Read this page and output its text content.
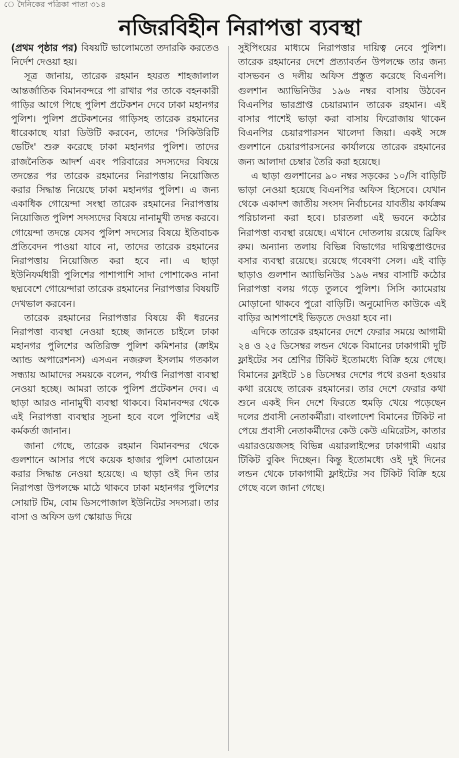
ে দৈনিকের পত্রিকা পাতা ৩১৪
নজিরবিহীন নিরাপত্তা ব্যবস্থা

(প্রথম পৃষ্ঠার পর) বিষয়টি ভালোমতো তদারকি করতেও নির্দেশ দেওয়া হয়।

সূত্র জানায়, তারেক রহমান হযরত শাহজালাল আন্তর্জাতিক বিমানবন্দরে পা রাখার পর তাকে বহনকারী গাড়ির আগে পিছে পুলিশ প্রটেকশন দেবে ঢাকা মহানগর পুলিশ। পুলিশ প্রটেকশনের গাড়িসহ তারেক রহমানের ধারেকাছে যারা ডিউটি করবেন, তাদের 'সিকিউরিটি ভেটিং' শুরু করেছে ঢাকা মহানগর পুলিশ। তাদের রাজনৈতিক আদর্শ এবং পরিবারের সদস্যদের বিষয়ে তদন্তের পর তারেক রহমানের নিরাপত্তায় নিয়োজিত করার সিদ্ধান্ত নিয়েছে ঢাকা মহানগর পুলিশ। এ জন্য একাধিক গোয়েন্দা সংস্থা তারেক রহমানের নিরাপত্তায় নিয়োজিত পুলিশ সদস্যদের বিষয়ে নানামুখী তদন্ত করবে। গোয়েন্দা তদন্তে যেসব পুলিশ সদস্যের বিষয়ে ইতিবাচক প্রতিবেদন পাওয়া যাবে না, তাদের তারেক রহমানের নিরাপত্তায় নিয়োজিত করা হবে না। এ ছাড়া ইউনিফর্মধারী পুলিশের পাশাপাশি সাদা পোশাকেও নানা ছদ্মবেশে গোয়েন্দারা তারেক রহমানের নিরাপত্তার বিষয়টি দেখভাল করবেন।

তারেক রহমানের নিরাপত্তার বিষয়ে কী ধরনের নিরাপত্তা ব্যবস্থা নেওয়া হচ্ছে জানতে চাইলে ঢাকা মহানগর পুলিশের অতিরিক্ত পুলিশ কমিশনার (ক্রাইম অ্যান্ড অপারেশনস) এসএন নজরুল ইসলাম গতকাল সন্ধ্যায় আমাদের সময়কে বলেন, পর্যাপ্ত নিরাপত্তা ব্যবস্থা নেওয়া হচ্ছে। আমরা তাকে পুলিশ প্রটেকশন দেব। এ ছাড়া আরও নানামুখী ব্যবস্থা থাকবে। বিমানবন্দর থেকে এই নিরাপত্তা ব্যবস্থার সূচনা হবে বলে পুলিশের এই কর্মকর্তা জানান।

জানা গেছে, তারেক রহমান বিমানবন্দর থেকে গুলশানে আসার পথে কয়েক হাজার পুলিশ মোতায়েন করার সিদ্ধান্ত নেওয়া হয়েছে। এ ছাড়া ওই দিন তার নিরাপত্তা উপলক্ষে মাঠে থাকবে ঢাকা মহানগর পুলিশের সোয়াট টিম, বোম ডিসপোজাল ইউনিটের সদস্যরা। তার বাসা ও অফিস ডগ স্কোয়াড দিয়ে

সুইপিংয়ের মাধ্যমে নিরাপত্তার দায়িত্ব নেবে পুলিশ। তারেক রহমানের দেশে প্রত্যাবর্তন উপলক্ষে তার জন্য বাসভবন ও দলীয় অফিস প্রস্তুত করেছে বিএনপি। গুলশান অ্যাভিনিউর ১৯৬ নম্বর বাসায় উঠবেন বিএনপির ভারপ্রাপ্ত চেয়ারম্যান তারেক রহমান। এই বাসার পাশেই ভাড়া করা বাসায় ফিরোজায় থাকেন বিএনপির চেয়ারপারসন খালেদা জিয়া। একই সঙ্গে গুলশানে চেয়ারপারসনের কার্যালয়ে তারেক রহমানের জন্য আলাদা চেম্বার তৈরি করা হয়েছে।

এ ছাড়া গুলশানের ৯০ নম্বর সড়কের ১০/সি বাড়িটি ভাড়া নেওয়া হয়েছে বিএনপির অফিস হিসেবে। যেখান থেকে একাদশ জাতীয় সংসদ নির্বাচনের যাবতীয় কার্যক্রম পরিচালনা করা হবে। চারতলা এই ভবনে কঠোর নিরাপত্তা ব্যবস্থা রয়েছে। এখানে দোতলায় রয়েছে ব্রিফিং রুম। অন্যান্য তলায় বিভিন্ন বিভাগের দায়িত্বপ্রাপ্তদের বসার ব্যবস্থা রয়েছে। রয়েছে গবেষণা সেল। এই বাড়ি ছাড়াও গুলশান অ্যাভিনিউর ১৯৬ নম্বর বাসাটি কঠোর নিরাপত্তা বলয় গড়ে তুলবে পুলিশ। সিসি ক্যামেরায় মোড়ানো থাকবে পুরো বাড়িটি। অনুমোদিত কাউকে এই বাড়ির আশপাশেই ভিড়তে দেওয়া হবে না।

এদিকে তারেক রহমানের দেশে ফেরার সময়ে আগামী ২৪ ও ২৫ ডিসেম্বর লন্ডন থেকে বিমানের ঢাকাগামী দুটি ফ্লাইটের সব শ্রেণির টিকিট ইতোমধ্যে বিক্রি হয়ে গেছে। বিমানের ফ্লাইটে ১৪ ডিসেম্বর দেশের পথে রওনা হওয়ার কথা রয়েছে তারেক রহমানের। তার দেশে ফেরার কথা শুনে একই দিন দেশে ফিরতে হুমড়ি খেয়ে পড়েছেন দলের প্রবাসী নেতাকর্মীরা। বাংলাদেশ বিমানের টিকিট না পেয়ে প্রবাসী নেতাকর্মীদের কেউ কেউ এমিরেটস, কাতার এয়ারওয়েজসহ বিভিন্ন এয়ারলাইন্সের ঢাকাগামী এয়ার টিকিট বুকিং দিচ্ছেন। কিন্তু ইতোমধ্যে ওই দুই দিনের লন্ডন থেকে ঢাকাগামী ফ্লাইটের সব টিকিট বিক্রি হয়ে গেছে বলে জানা গেছে।
